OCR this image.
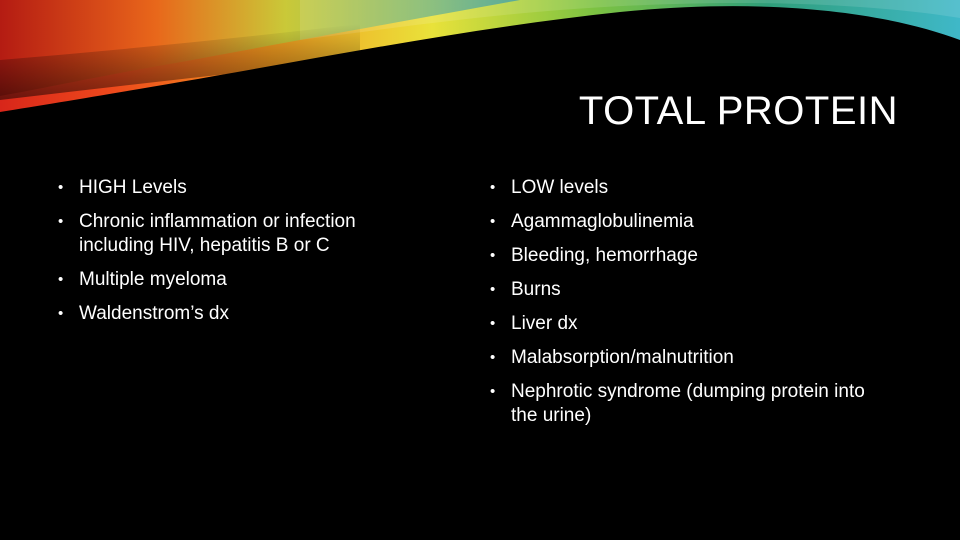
TOTAL PROTEIN
• HIGH Levels
• Chronic inflammation or infection including HIV, hepatitis B or C
• Multiple myeloma
• Waldenstrom’s dx
• LOW levels
• Agammaglobulinemia
• Bleeding, hemorrhage
• Burns
• Liver dx
• Malabsorption/malnutrition
• Nephrotic syndrome (dumping protein into the urine)
